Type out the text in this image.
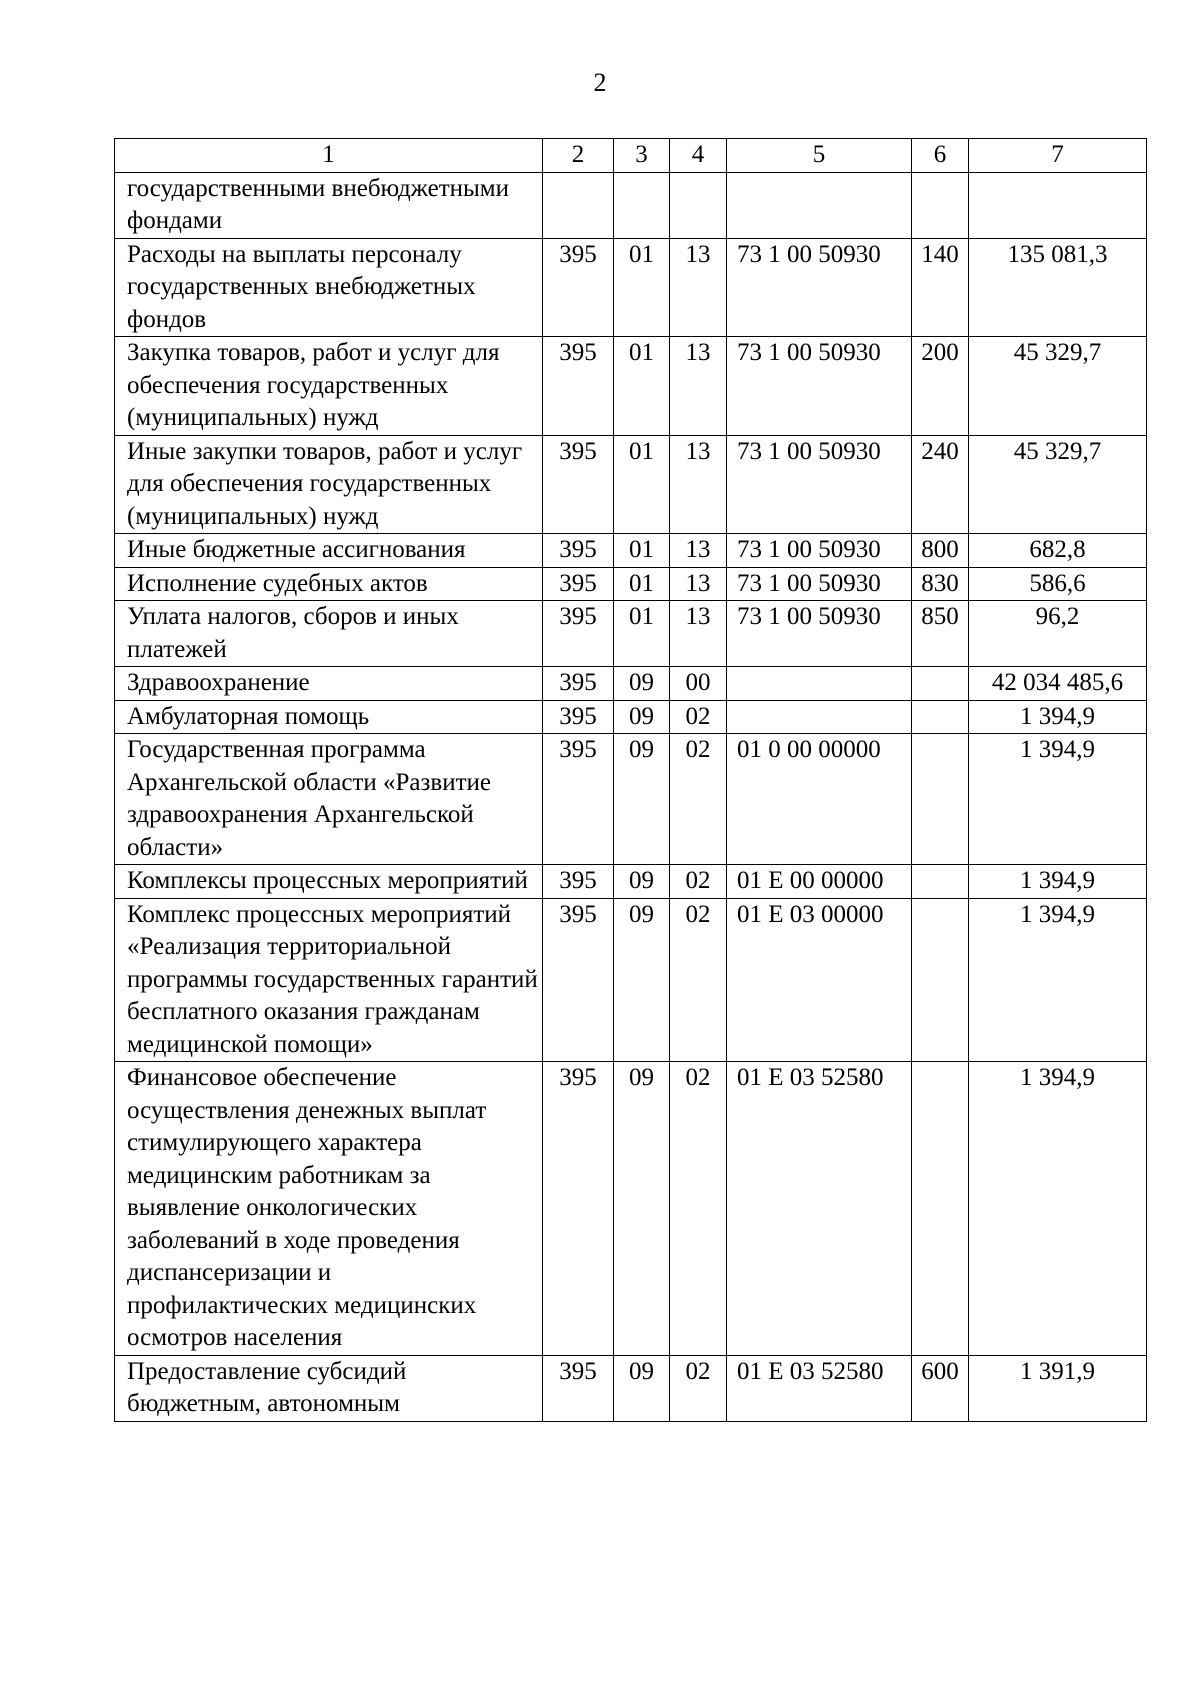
2
1	2	3	4	5	6	7
государственными внебюджетными фондами						
Расходы на выплаты персоналу государственных внебюджетных фондов	395	01	13	73 1 00 50930	140	135 081,3
Закупка товаров, работ и услуг для обеспечения государственных (муниципальных) нужд	395	01	13	73 1 00 50930	200	45 329,7
Иные закупки товаров, работ и услуг для обеспечения государственных (муниципальных) нужд	395	01	13	73 1 00 50930	240	45 329,7
Иные бюджетные ассигнования	395	01	13	73 1 00 50930	800	682,8
Исполнение судебных актов	395	01	13	73 1 00 50930	830	586,6
Уплата налогов, сборов и иных платежей	395	01	13	73 1 00 50930	850	96,2
Здравоохранение	395	09	00			42 034 485,6
Амбулаторная помощь	395	09	02			1 394,9
Государственная программа Архангельской области «Развитие здравоохранения Архангельской области»	395	09	02	01 0 00 00000		1 394,9
Комплексы процессных мероприятий	395	09	02	01 Е 00 00000		1 394,9
Комплекс процессных мероприятий «Реализация территориальной программы государственных гарантий бесплатного оказания гражданам медицинской помощи»	395	09	02	01 Е 03 00000		1 394,9
Финансовое обеспечение осуществления денежных выплат стимулирующего характера медицинским работникам за выявление онкологических заболеваний в ходе проведения диспансеризации и профилактических медицинских осмотров населения	395	09	02	01 Е 03 52580		1 394,9
Предоставление субсидий бюджетным, автономным	395	09	02	01 Е 03 52580	600	1 391,9
